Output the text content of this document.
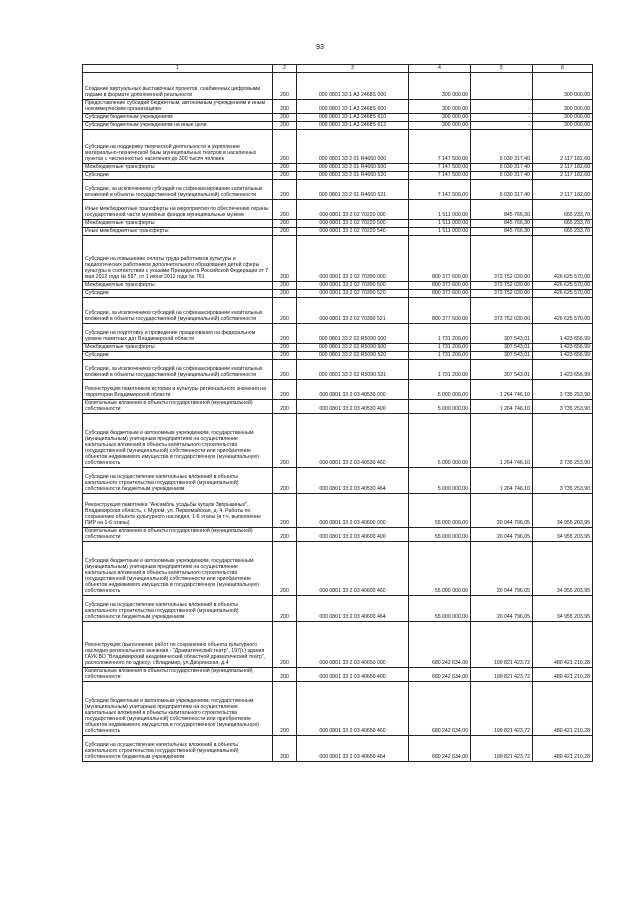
93
1	2	3	4	5	6
Создание виртуальных выставочных проектов, снабженных цифровыми гидами в формате дополненной реальности	200	000 0801 33 1 A3 2468S 000	300 000,00	-	300 000,00
Предоставление субсидий бюджетным, автономным учреждениям и иным некоммерческим организациям	200	000 0801 33 1 A3 2468S 600	300 000,00	-	300 000,00
Субсидии бюджетным учреждениям	200	000 0801 33 1 A3 2468S 610	300 000,00	-	300 000,00
Субсидии бюджетным учреждениям на иные цели	200	000 0801 33 1 A3 2468S 612	300 000,00	-	300 000,00
Субсидии на поддержку творческой деятельности и укрепление материально-технической базы муниципальных театров в населенных пунктах с численностью населения до 300 тысяч человек	200	000 0801 33 2 01 R4660 000	7 147 500,00	5 030 317,40	2 117 182,60
Межбюджетные трансферты	200	000 0801 33 2 01 R4660 500	7 147 500,00	5 030 317,40	2 117 182,60
Субсидии	200	000 0801 33 2 01 R4660 520	7 147 500,00	5 030 317,40	2 117 182,60
Субсидии, за исключением субсидий на софинансирование капитальных вложений в объекты государственной (муниципальной) собственности	200	000 0801 33 2 01 R4660 521	7 147 500,00	5 030 317,40	2 117 182,60
Иные межбюджетные трансферты на мероприятия по обеспечению охраны государственной части музейных фондов муниципальных музеев	200	000 0801 33 2 02 70220 000	1 511 000,00	845 766,30	665 233,70
Межбюджетные трансферты	200	000 0801 33 2 02 70220 500	1 511 000,00	845 766,30	665 233,70
Иные межбюджетные трансферты	200	000 0801 33 2 02 70220 540	1 511 000,00	845 766,30	665 233,70
Субсидии на повышение оплаты труда работников культуры и педагогических работников дополнительного образования детей сферы культуры в соответствии с указами Президента Российской Федерации от 7 мая 2012 года № 597, от 1 июня 2012 года № 761	200	000 0801 33 2 02 70390 000	800 377 600,00	373 752 030,00	426 625 570,00
Межбюджетные трансферты	200	000 0801 33 2 02 70390 500	800 377 600,00	373 752 030,00	426 625 570,00
Субсидии	200	000 0801 33 2 02 70390 520	800 377 600,00	373 752 030,00	426 625 570,00
Субсидии, за исключением субсидий на софинансирование капитальных вложений в объекты государственной (муниципальной) собственности	200	000 0801 33 2 02 70390 521	800 377 600,00	373 752 030,00	426 625 570,00
Субсидии на подготовку и проведение празднования на федеральном уровне памятных дат Владимирской области	200	000 0801 33 2 02 R5090 000	1 731 200,00	307 543,01	1 423 656,99
Межбюджетные трансферты	200	000 0801 33 2 02 R5090 500	1 731 200,00	307 543,01	1 423 656,99
Субсидии	200	000 0801 33 2 02 R5090 520	1 731 200,00	307 543,01	1 423 656,99
Субсидии, за исключением субсидий на софинансирование капитальных вложений в объекты государственной (муниципальной) собственности	200	000 0801 33 2 02 R5090 521	1 731 200,00	307 543,01	1 423 656,99
Реконструкция памятников истории и культуры регионального значения на территории Владимирской области	200	000 0801 33 2 03 40530 000	5 000 000,00	1 264 746,10	3 735 253,90
Капитальные вложения в объекты государственной (муниципальной) собственности	200	000 0801 33 2 03 40530 400	5 000 000,00	1 264 746,10	3 735 253,90
Субсидии бюджетным и автономным учреждениям, государственным (муниципальным) унитарным предприятиям на осуществление капитальных вложений в объекты капитального строительства государственной (муниципальной) собственности или приобретение объектов недвижимого имущества в государственную (муниципальную) собственность	200	000 0801 33 2 03 40530 460	5 000 000,00	1 264 746,10	3 735 253,90
Субсидии на осуществление капитальных вложений в объекты капитального строительства государственной (муниципальной) собственности бюджетным учреждениям	200	000 0801 33 2 03 40530 464	5 000 000,00	1 264 746,10	3 735 253,90
Реконструкция памятника "Ансамбль усадьбы купцов Зворыкиных", Владимирская область, г. Муром, ул. Первомайская, д. 4. Работы по сохранению объекта культурного наследия, 1-6 этапы (в т.ч. выполнение ПИР на 1-6 этапы)	200	000 0801 33 2 03 40600 000	55 000 000,00	20 044 796,05	34 955 203,95
Капитальные вложения в объекты государственной (муниципальной) собственности	200	000 0801 33 2 03 40600 400	55 000 000,00	20 044 796,05	34 955 203,95
Субсидии бюджетным и автономным учреждениям, государственным (муниципальным) унитарным предприятиям на осуществление капитальных вложений в объекты капитального строительства государственной (муниципальной) собственности или приобретение объектов недвижимого имущества в государственную (муниципальную) собственность	200	000 0801 33 2 03 40600 460	55 000 000,00	20 044 796,05	34 955 203,95
Субсидии на осуществление капитальных вложений в объекты капитального строительства государственной (муниципальной) собственности бюджетным учреждениям	200	000 0801 33 2 03 40600 464	55 000 000,00	20 044 796,05	34 955 203,95
Реконструкция (выполнение работ по сохранению объекта культурного наследия регионального значения - "Драматический театр", 197(г.) здания ГАУК ВО "Владимирский академический областной драматический театр", расположенного по адресу: г.Владимир, ул.Дворянская, д.4	200	000 0801 33 2 03 40650 000	680 242 634,00	199 821 423,72	480 421 210,28
Капитальные вложения в объекты государственной (муниципальной) собственности	200	000 0801 33 2 03 40650 400	680 242 634,00	199 821 423,72	480 421 210,28
Субсидии бюджетным и автономным учреждениям, государственным (муниципальным) унитарным предприятиям на осуществление капитальных вложений в объекты капитального строительства государственной (муниципальной) собственности или приобретение объектов недвижимого имущества в государственную (муниципальную) собственность	200	000 0801 33 2 03 40650 460	680 242 634,00	199 821 423,72	480 421 210,28
Субсидии на осуществление капитальных вложений в объекты капитального строительства государственной (муниципальной) собственности бюджетным учреждениям	200	000 0801 33 2 03 40650 464	680 242 634,00	199 821 423,72	480 421 210,28
